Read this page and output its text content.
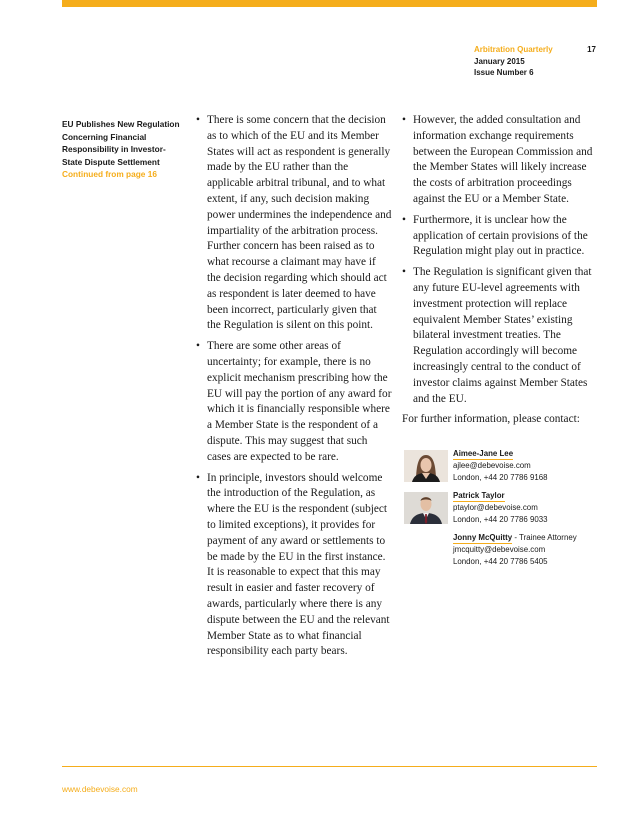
Arbitration Quarterly
January 2015
Issue Number 6
17
EU Publishes New Regulation Concerning Financial Responsibility in Investor-State Dispute Settlement
Continued from page 16
• There is some concern that the decision as to which of the EU and its Member States will act as respondent is generally made by the EU rather than the applicable arbitral tribunal, and to what extent, if any, such decision making power undermines the independence and impartiality of the arbitration process. Further concern has been raised as to what recourse a claimant may have if the decision regarding which should act as respondent is later deemed to have been incorrect, particularly given that the Regulation is silent on this point.
• There are some other areas of uncertainty; for example, there is no explicit mechanism prescribing how the EU will pay the portion of any award for which it is financially responsible where a Member State is the respondent of a dispute. This may suggest that such cases are expected to be rare.
• In principle, investors should welcome the introduction of the Regulation, as where the EU is the respondent (subject to limited exceptions), it provides for payment of any award or settlements to be made by the EU in the first instance. It is reasonable to expect that this may result in easier and faster recovery of awards, particularly where there is any dispute between the EU and the relevant Member State as to what financial responsibility each party bears.
• However, the added consultation and information exchange requirements between the European Commission and the Member States will likely increase the costs of arbitration proceedings against the EU or a Member State.
• Furthermore, it is unclear how the application of certain provisions of the Regulation might play out in practice.
• The Regulation is significant given that any future EU-level agreements with investment protection will replace equivalent Member States’ existing bilateral investment treaties. The Regulation accordingly will become increasingly central to the conduct of investor claims against Member States and the EU.
For further information, please contact:
Aimee-Jane Lee
ajlee@debevoise.com
London, +44 20 7786 9168
Patrick Taylor
ptaylor@debevoise.com
London, +44 20 7786 9033
Jonny McQuitty - Trainee Attorney
jmcquitty@debevoise.com
London, +44 20 7786 5405
www.debevoise.com
